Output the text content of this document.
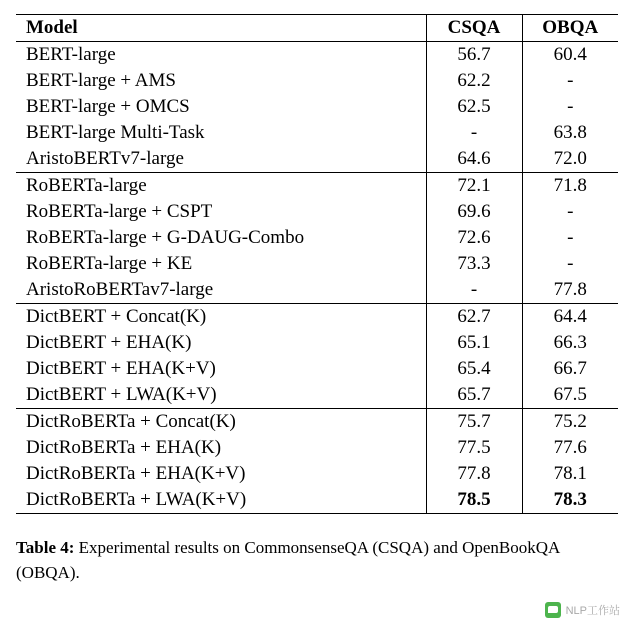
Model	CSQA	OBQA
BERT-large	56.7	60.4
BERT-large + AMS	62.2	-
BERT-large + OMCS	62.5	-
BERT-large Multi-Task	-	63.8
AristoBERTv7-large	64.6	72.0
RoBERTa-large	72.1	71.8
RoBERTa-large + CSPT	69.6	-
RoBERTa-large + G-DAUG-Combo	72.6	-
RoBERTa-large + KE	73.3	-
AristoRoBERTav7-large	-	77.8
DictBERT + Concat(K)	62.7	64.4
DictBERT + EHA(K)	65.1	66.3
DictBERT + EHA(K+V)	65.4	66.7
DictBERT + LWA(K+V)	65.7	67.5
DictRoBERTa + Concat(K)	75.7	75.2
DictRoBERTa + EHA(K)	77.5	77.6
DictRoBERTa + EHA(K+V)	77.8	78.1
DictRoBERTa + LWA(K+V)	78.5	78.3
Table 4: Experimental results on CommonsenseQA (CSQA) and OpenBookQA (OBQA).
NLP工作站
